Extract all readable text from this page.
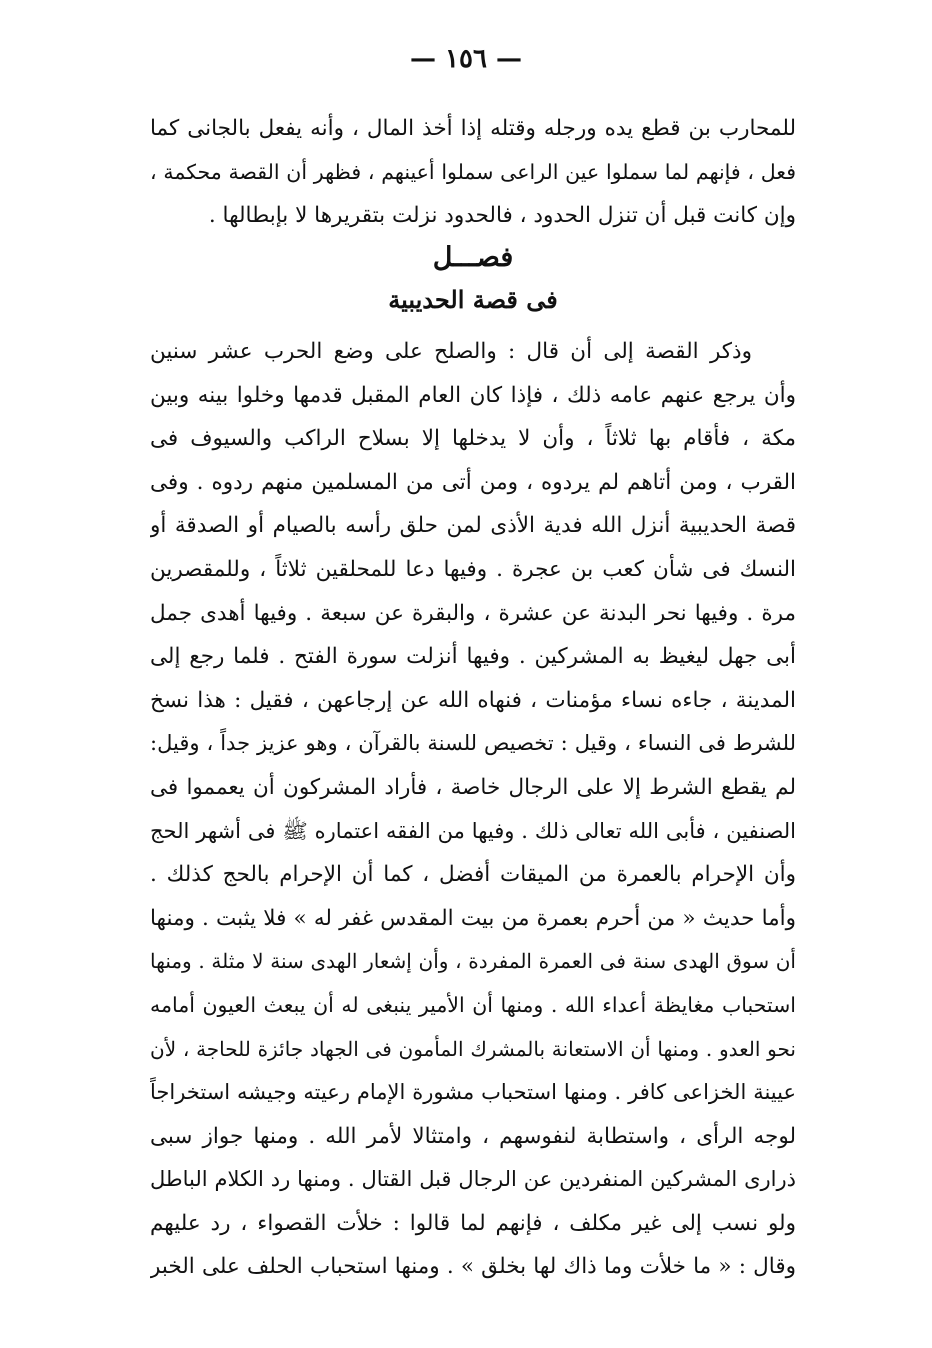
— ١٥٦ —
للمحارب بن قطع يده ورجله وقتله إذا أخذ المال ، وأنه يفعل بالجانى كما
فعل ، فإنهم لما سملوا عين الراعى سملوا أعينهم ، فظهر أن القصة محكمة ،
وإن كانت قبل أن تنزل الحدود ، فالحدود نزلت بتقريرها لا بإبطالها .
فصـــل
فى قصة الحديبية
وذكر القصة إلى أن قال : والصلح على وضع الحرب عشر سنين
وأن يرجع عنهم عامه ذلك ، فإذا كان العام المقبل قدمها وخلوا بينه وبين
مكة ، فأقام بها ثلاثاً ، وأن لا يدخلها إلا بسلاح الراكب والسيوف فى
القرب ، ومن أتاهم لم يردوه ، ومن أتى من المسلمين منهم ردوه . وفى
قصة الحديبية أنزل الله فدية الأذى لمن حلق رأسه بالصيام أو الصدقة أو
النسك فى شأن كعب بن عجرة . وفيها دعا للمحلقين ثلاثاً ، وللمقصرين
مرة . وفيها نحر البدنة عن عشرة ، والبقرة عن سبعة . وفيها أهدى جمل
أبى جهل ليغيظ به المشركين . وفيها أنزلت سورة الفتح . فلما رجع إلى
المدينة ، جاءه نساء مؤمنات ، فنهاه الله عن إرجاعهن ، فقيل : هذا نسخ
للشرط فى النساء ، وقيل : تخصيص للسنة بالقرآن ، وهو عزيز جداً ، وقيل:
لم يقطع الشرط إلا على الرجال خاصة ، فأراد المشركون أن يعمموا فى
الصنفين ، فأبى الله تعالى ذلك . وفيها من الفقه اعتماره ﷺ فى أشهر الحج
وأن الإحرام بالعمرة من الميقات أفضل ، كما أن الإحرام بالحج كذلك .
وأما حديث « من أحرم بعمرة من بيت المقدس غفر له » فلا يثبت . ومنها
أن سوق الهدى سنة فى العمرة المفردة ، وأن إشعار الهدى سنة لا مثلة . ومنها
استحباب مغايظة أعداء الله . ومنها أن الأمير ينبغى له أن يبعث العيون أمامه
نحو العدو . ومنها أن الاستعانة بالمشرك المأمون فى الجهاد جائزة للحاجة ، لأن
عيينة الخزاعى كافر . ومنها استحباب مشورة الإمام رعيته وجيشه استخراجاً
لوجه الرأى ، واستطابة لنفوسهم ، وامتثالا لأمر الله . ومنها جواز سبى
ذرارى المشركين المنفردين عن الرجال قبل القتال . ومنها رد الكلام الباطل
ولو نسب إلى غير مكلف ، فإنهم لما قالوا : خلأت القصواء ، رد عليهم
وقال : « ما خلأت وما ذاك لها بخلق » . ومنها استحباب الحلف على الخبر
